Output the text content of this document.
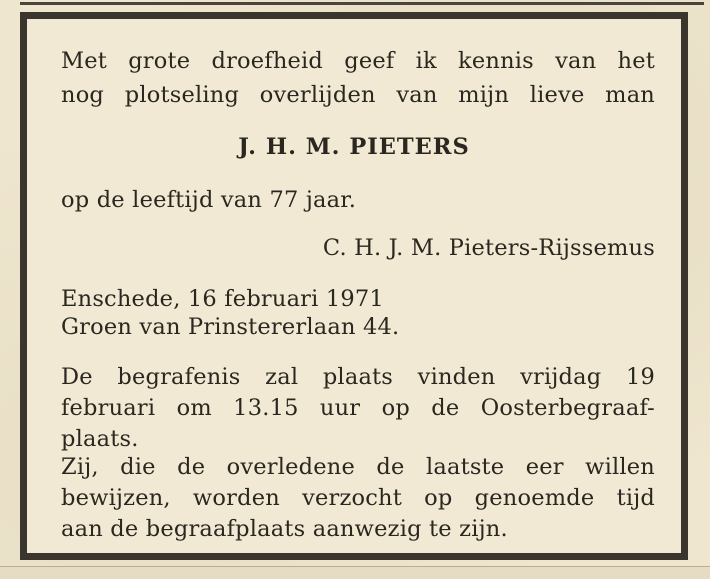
Met grote droefheid geef ik kennis van het
nog plotseling overlijden van mijn lieve man
J. H. M. PIETERS
op de leeftijd van 77 jaar.
C. H. J. M. Pieters-Rijssemus
Enschede, 16 februari 1971
Groen van Prinstererlaan 44.
De begrafenis zal plaats vinden vrijdag 19
februari om 13.15 uur op de Oosterbegraaf-
plaats.
Zij, die de overledene de laatste eer willen
bewijzen, worden verzocht op genoemde tijd
aan de begraafplaats aanwezig te zijn.
